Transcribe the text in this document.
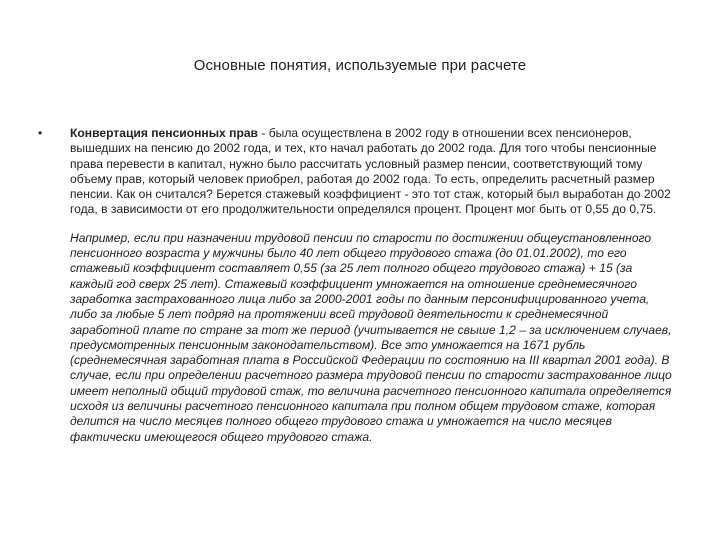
Основные понятия, используемые при расчете
•	Конвертация пенсионных прав - была осуществлена в 2002 году в отношении всех пенсионеров, вышедших на пенсию до 2002 года, и тех, кто начал работать до 2002 года. Для того чтобы пенсионные права перевести в капитал, нужно было рассчитать условный размер пенсии, соответствующий тому объему прав, который человек приобрел, работая до 2002 года. То есть, определить расчетный размер пенсии. Как он считался? Берется стажевый коэффициент - это тот стаж, который был выработан до 2002 года, в зависимости от его продолжительности определялся процент. Процент мог быть от 0,55 до 0,75.

Например, если при назначении трудовой пенсии по старости по достижении общеустановленного пенсионного возраста у мужчины было 40 лет общего трудового стажа (до 01.01.2002), то его стажевый коэффициент составляет 0,55 (за 25 лет полного общего трудового стажа) + 15 (за каждый год сверх 25 лет). Стажевый коэффициент умножается на отношение среднемесячного заработка застрахованного лица либо за 2000-2001 годы по данным персонифицированного учета, либо за любые 5 лет подряд на протяжении всей трудовой деятельности к среднемесячной заработной плате по стране за тот же период (учитывается не свыше 1,2 – за исключением случаев, предусмотренных пенсионным законодательством). Все это умножается на 1671 рубль (среднемесячная заработная плата в Российской Федерации по состоянию на III квартал 2001 года). В случае, если при определении расчетного размера трудовой пенсии по старости застрахованное лицо имеет неполный общий трудовой стаж, то величина расчетного пенсионного капитала определяется исходя из величины расчетного пенсионного капитала при полном общем трудовом стаже, которая делится на число месяцев полного общего трудового стажа и умножается на число месяцев фактически имеющегося общего трудового стажа.
